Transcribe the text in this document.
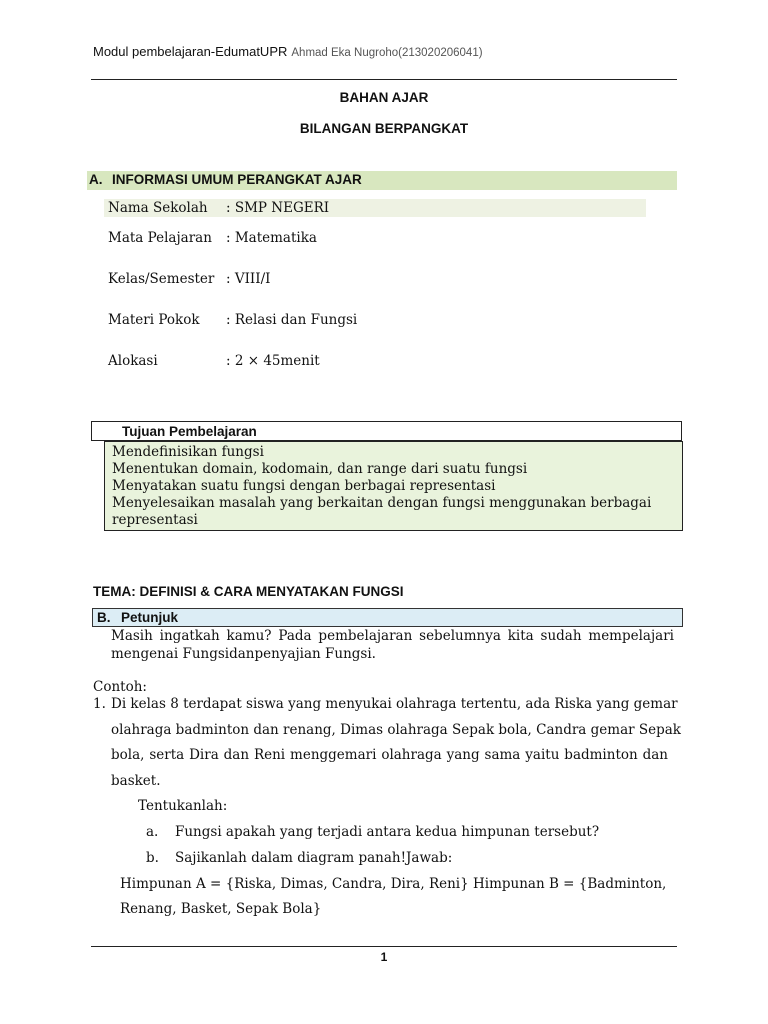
Modul pembelajaran-EdumatUPR Ahmad Eka Nugroho(213020206041)
BAHAN AJAR
BILANGAN BERPANGKAT
A. INFORMASI UMUM PERANGKAT AJAR
Nama Sekolah : SMP NEGERI
Mata Pelajaran : Matematika
Kelas/Semester : VIII/I
Materi Pokok : Relasi dan Fungsi
Alokasi	: 2 × 45menit
Tujuan Pembelajaran
Mendefinisikan fungsi
Menentukan domain, kodomain, dan range dari suatu fungsi
Menyatakan suatu fungsi dengan berbagai representasi
Menyelesaikan masalah yang berkaitan dengan fungsi menggunakan berbagai
representasi
TEMA: DEFINISI & CARA MENYATAKAN FUNGSI
B. Petunjuk
Masih ingatkah kamu? Pada pembelajaran sebelumnya kita sudah mempelajari
mengenai Fungsidanpenyajian Fungsi.
Contoh:
1. Di kelas 8 terdapat siswa yang menyukai olahraga tertentu, ada Riska yang gemar
olahraga badminton dan renang, Dimas olahraga Sepak bola, Candra gemar Sepak
bola, serta Dira dan Reni menggemari olahraga yang sama yaitu badminton dan
basket.
Tentukanlah:
a. Fungsi apakah yang terjadi antara kedua himpunan tersebut?
b. Sajikanlah dalam diagram panah!Jawab:
Himpunan A = {Riska, Dimas, Candra, Dira, Reni} Himpunan B = {Badminton,
Renang, Basket, Sepak Bola}
1
